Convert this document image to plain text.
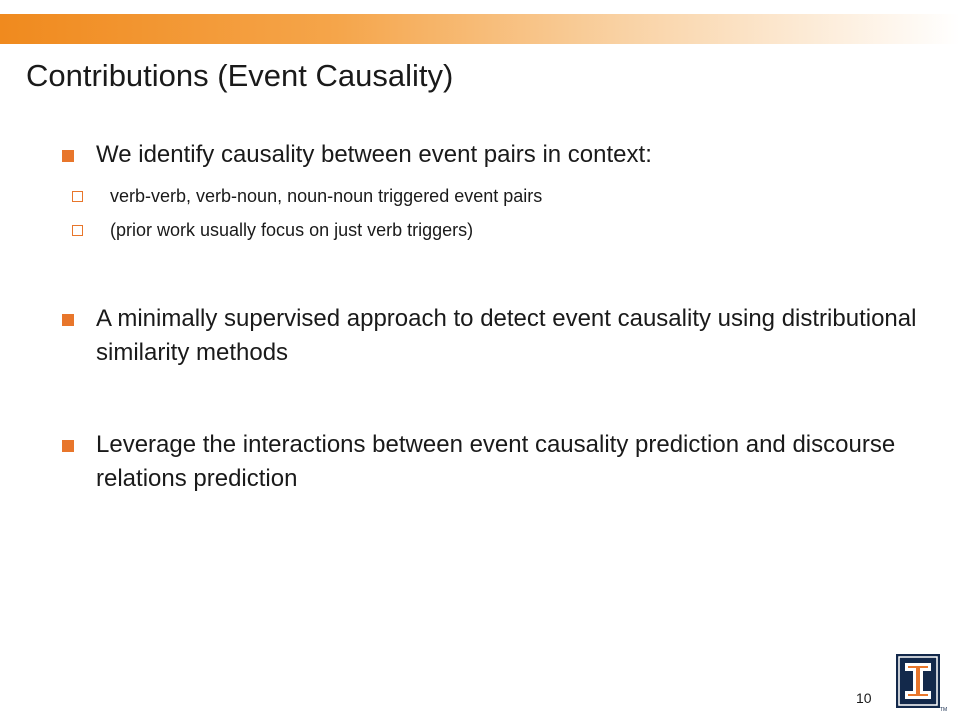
Contributions (Event Causality)
We identify causality between event pairs in context:
verb-verb, verb-noun, noun-noun triggered event pairs
(prior work usually focus on just verb triggers)
A minimally supervised approach to detect event causality using distributional similarity methods
Leverage the interactions between event causality prediction and discourse relations prediction
10
TM
